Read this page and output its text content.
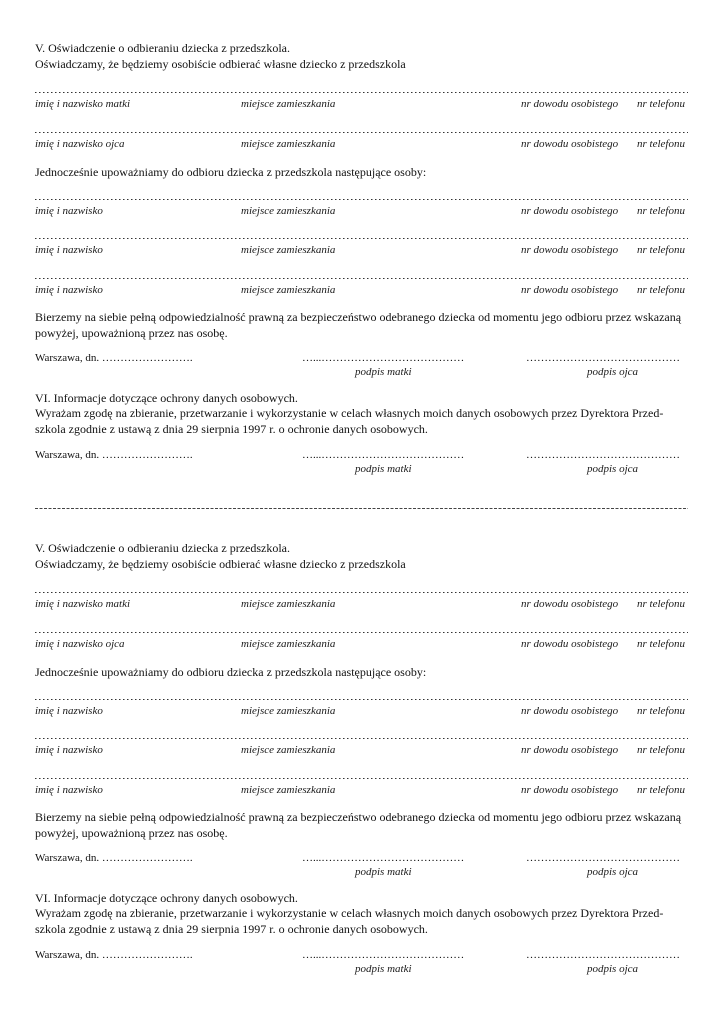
V. Oświadczenie o odbieraniu dziecka z przedszkola.
Oświadczamy, że będziemy osobiście odbierać własne dziecko z przedszkola
imię i nazwisko matki	miejsce zamieszkania	nr dowodu osobistego nr telefonu
imię i nazwisko ojca	miejsce zamieszkania	nr dowodu osobistego nr telefonu
Jednocześnie upoważniamy do odbioru dziecka z przedszkola następujące osoby:
imię i nazwisko	miejsce zamieszkania	nr dowodu osobistego nr telefonu
imię i nazwisko	miejsce zamieszkania	nr dowodu osobistego nr telefonu
imię i nazwisko	miejsce zamieszkania	nr dowodu osobistego nr telefonu
Bierzemy na siebie pełną odpowiedzialność prawną za bezpieczeństwo odebranego dziecka od momentu jego odbioru przez wskazaną
powyżej, upoważnioną przez nas osobę.
Warszawa, dn. …………………….	…...…………………………………	……………………………………
podpis matki	podpis ojca
VI. Informacje dotyczące ochrony danych osobowych.
Wyrażam zgodę na zbieranie, przetwarzanie i wykorzystanie w celach własnych moich danych osobowych przez Dyrektora Przed-
szkola zgodnie z ustawą z dnia 29 sierpnia 1997 r. o ochronie danych osobowych.
Warszawa, dn. …………………….	…...…………………………………	……………………………………
podpis matki	podpis ojca
V. Oświadczenie o odbieraniu dziecka z przedszkola.
Oświadczamy, że będziemy osobiście odbierać własne dziecko z przedszkola
imię i nazwisko matki	miejsce zamieszkania	nr dowodu osobistego nr telefonu
imię i nazwisko ojca	miejsce zamieszkania	nr dowodu osobistego nr telefonu
Jednocześnie upoważniamy do odbioru dziecka z przedszkola następujące osoby:
imię i nazwisko	miejsce zamieszkania	nr dowodu osobistego nr telefonu
imię i nazwisko	miejsce zamieszkania	nr dowodu osobistego nr telefonu
imię i nazwisko	miejsce zamieszkania	nr dowodu osobistego nr telefonu
Bierzemy na siebie pełną odpowiedzialność prawną za bezpieczeństwo odebranego dziecka od momentu jego odbioru przez wskazaną
powyżej, upoważnioną przez nas osobę.
Warszawa, dn. …………………….	…...…………………………………	……………………………………
podpis matki	podpis ojca
VI. Informacje dotyczące ochrony danych osobowych.
Wyrażam zgodę na zbieranie, przetwarzanie i wykorzystanie w celach własnych moich danych osobowych przez Dyrektora Przed-
szkola zgodnie z ustawą z dnia 29 sierpnia 1997 r. o ochronie danych osobowych.
Warszawa, dn. …………………….	…...…………………………………	……………………………………
podpis matki	podpis ojca
